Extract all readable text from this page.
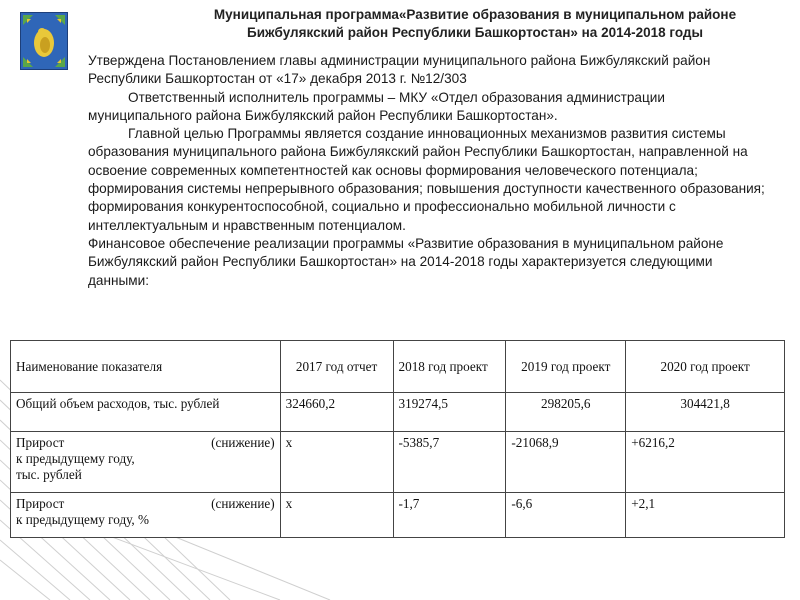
Муниципальная программа«Развитие образования в муниципальном районе
Бижбулякский район Республики Башкортостан» на 2014-2018 годы

Утверждена Постановлением главы администрации муниципального района Бижбулякский район Республики Башкортостан от «17» декабря 2013 г. №12/303

Ответственный исполнитель программы – МКУ «Отдел образования администрации муниципального района Бижбулякский район Республики Башкортостан».

Главной целью Программы является создание инновационных механизмов развития системы образования муниципального района Бижбулякский район Республики Башкортостан, направленной на освоение современных компетентностей как основы формирования человеческого потенциала; формирования системы непрерывного образования; повышения доступности качественного образования; формирования конкурентоспособной, социально и профессионально мобильной личности с интеллектуальным и нравственным потенциалом.

Финансовое обеспечение реализации программы «Развитие образования в муниципальном районе Бижбулякский район Республики Башкортостан» на 2014-2018 годы характеризуется следующими данными:

Наименование показателя	2017 год отчет	2018 год проект	2019 год проект	2020 год проект
Общий объем расходов, тыс. рублей	324660,2	319274,5	298205,6	304421,8

Прирост (снижение)
к предыдущему году,
тыс. рублей	х	-5385,7	-21068,9	+6216,2

Прирост (снижение)
к предыдущему году, %	х	-1,7	-6,6	+2,1
